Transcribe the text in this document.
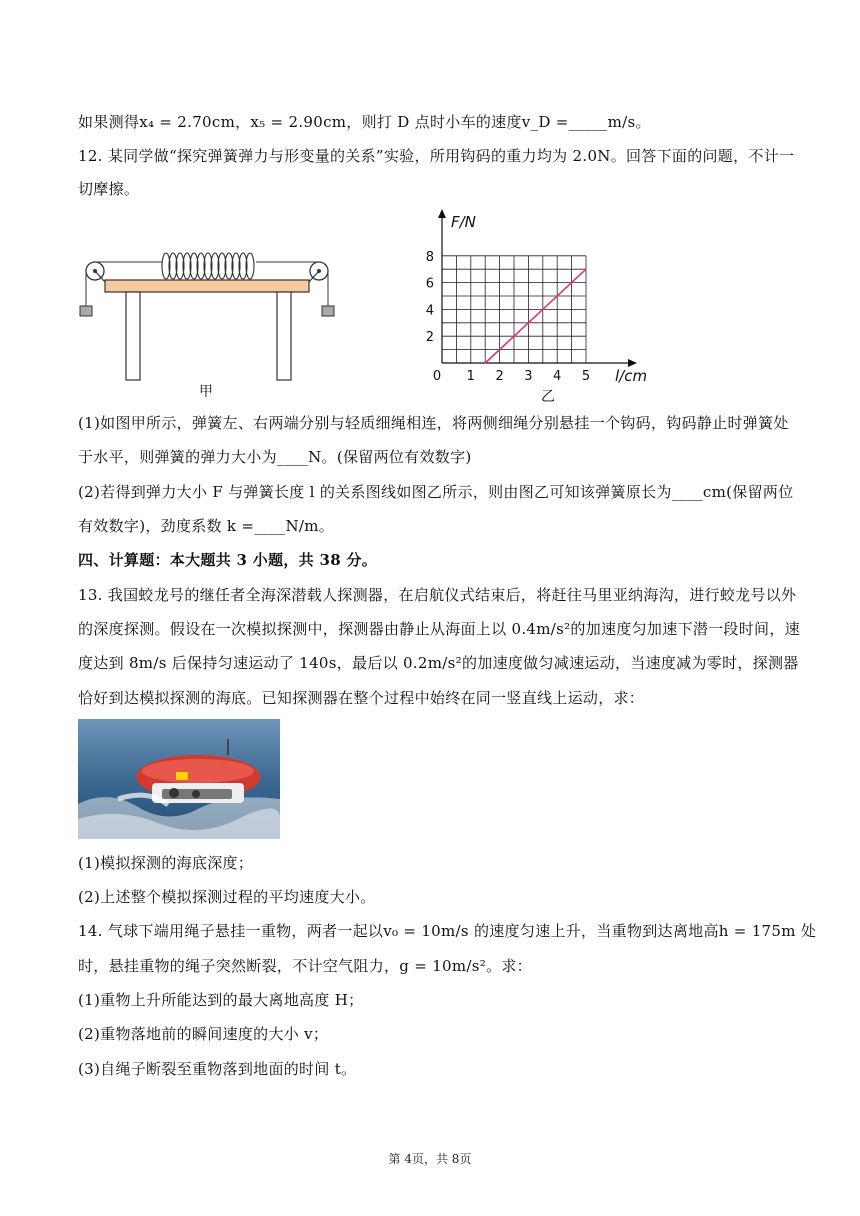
如果测得x₄ = 2.70cm，x₅ = 2.90cm，则打 D 点时小车的速度v_D =_____m/s。
12. 某同学做“探究弹簧弹力与形变量的关系”实验，所用钩码的重力均为 2.0N。回答下面的问题，不计一
切摩擦。
甲
1 2 3 4 5
2
4
6
8
F/N
l/cm
0
乙
(1)如图甲所示，弹簧左、右两端分别与轻质细绳相连，将两侧细绳分别悬挂一个钩码，钩码静止时弹簧处
于水平，则弹簧的弹力大小为____N。(保留两位有效数字)
(2)若得到弹力大小 F 与弹簧长度 l 的关系图线如图乙所示，则由图乙可知该弹簧原长为____cm(保留两位
有效数字)，劲度系数 k =____N/m。
四、计算题：本大题共 3 小题，共 38 分。
13. 我国蛟龙号的继任者全海深潜载人探测器，在启航仪式结束后，将赶往马里亚纳海沟，进行蛟龙号以外
的深度探测。假设在一次模拟探测中，探测器由静止从海面上以 0.4m/s²的加速度匀加速下潜一段时间，速
度达到 8m/s 后保持匀速运动了 140s，最后以 0.2m/s²的加速度做匀减速运动，当速度减为零时，探测器
恰好到达模拟探测的海底。已知探测器在整个过程中始终在同一竖直线上运动，求：
(1)模拟探测的海底深度；
(2)上述整个模拟探测过程的平均速度大小。
14. 气球下端用绳子悬挂一重物，两者一起以v₀ = 10m/s 的速度匀速上升，当重物到达离地高h = 175m 处
时，悬挂重物的绳子突然断裂，不计空气阻力，g = 10m/s²。求：
(1)重物上升所能达到的最大离地高度 H；
(2)重物落地前的瞬间速度的大小 v；
(3)自绳子断裂至重物落到地面的时间 t。
第 4页，共 8页
